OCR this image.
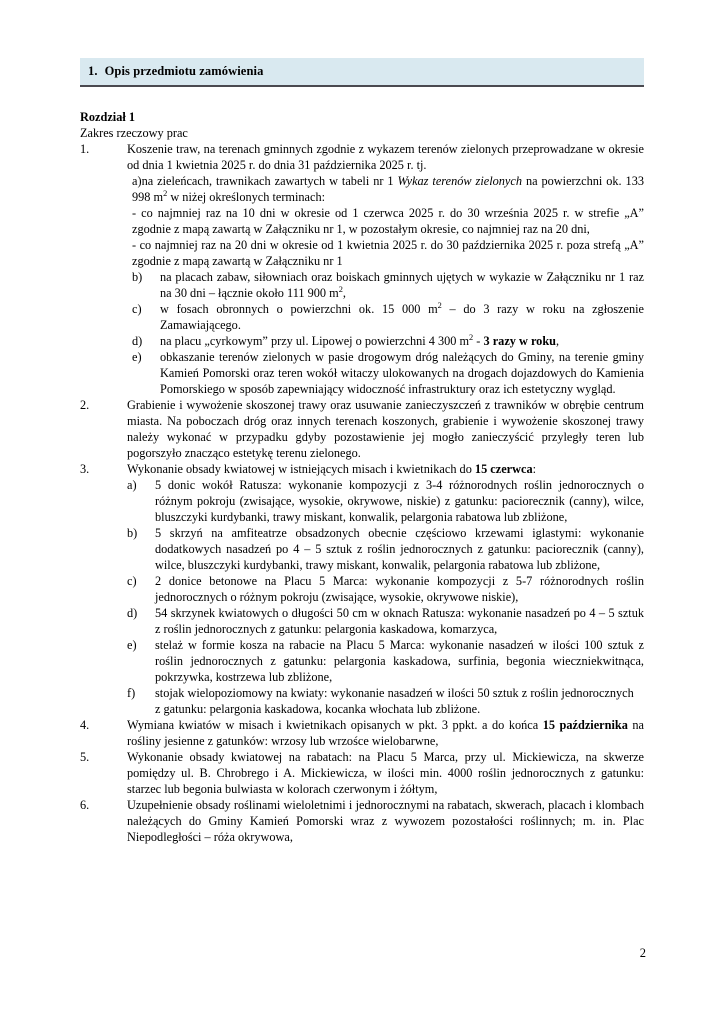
1. Opis przedmiotu zamówienia
Rozdział 1
Zakres rzeczowy prac
1.	Koszenie traw, na terenach gminnych zgodnie z wykazem terenów zielonych przeprowadzane w okresie od dnia 1 kwietnia 2025 r. do dnia 31 października 2025 r. tj.
a)na zieleńcach, trawnikach zawartych w tabeli nr 1 Wykaz terenów zielonych na powierzchni ok. 133 998 $m^2$ w niżej określonych terminach:
- co najmniej raz na 10 dni w okresie od 1 czerwca 2025 r. do 30 września 2025 r. w strefie „A” zgodnie z mapą zawartą w Załączniku nr 1, w pozostałym okresie, co najmniej raz na 20 dni,
- co najmniej raz na 20 dni w okresie od 1 kwietnia 2025 r. do 30 października 2025 r. poza strefą „A” zgodnie z mapą zawartą w Załączniku nr 1
b)	na placach zabaw, siłowniach oraz boiskach gminnych ujętych w wykazie w Załączniku nr 1 raz na 30 dni – łącznie około 111 900 $m^2$,
c)	w fosach obronnych o powierzchni ok. 15 000 $m^2$ – do 3 razy w roku na zgłoszenie Zamawiającego.
d)	na placu „cyrkowym” przy ul. Lipowej o powierzchni 4 300 $m^2 - 3$ razy w roku,
e)	obkaszanie terenów zielonych w pasie drogowym dróg należących do Gminy, na terenie gminy Kamień Pomorski oraz teren wokół witaczy ulokowanych na drogach dojazdowych do Kamienia Pomorskiego w sposób zapewniający widoczność infrastruktury oraz ich estetyczny wygląd.
2.	Grabienie i wywożenie skoszonej trawy oraz usuwanie zanieczyszczeń z trawników w obrębie centrum miasta. Na poboczach dróg oraz innych terenach koszonych, grabienie i wywożenie skoszonej trawy należy wykonać w przypadku gdyby pozostawienie jej mogło zanieczyścić przyległy teren lub pogorszyło znacząco estetykę terenu zielonego.
3.	Wykonanie obsady kwiatowej w istniejących misach i kwietnikach do 15 czerwca:
a)	5 donic wokół Ratusza: wykonanie kompozycji z 3-4 różnorodnych roślin jednorocznych o różnym pokroju (zwisające, wysokie, okrywowe, niskie) z gatunku: paciorecznik (canny), wilce, bluszczyki kurdybanki, trawy miskant, konwalik, pelargonia rabatowa lub zbliżone,
b)	5 skrzyń na amfiteatrze obsadzonych obecnie częściowo krzewami iglastymi: wykonanie dodatkowych nasadzeń po 4 – 5 sztuk z roślin jednorocznych z gatunku: paciorecznik (canny), wilce, bluszczyki kurdybanki, trawy miskant, konwalik, pelargonia rabatowa lub zbliżone,
c)	2 donice betonowe na Placu 5 Marca: wykonanie kompozycji z 5-7 różnorodnych roślin jednorocznych o różnym pokroju (zwisające, wysokie, okrywowe niskie),
d)	54 skrzynek kwiatowych o długości 50 cm w oknach Ratusza: wykonanie nasadzeń po 4 – 5 sztuk z roślin jednorocznych z gatunku: pelargonia kaskadowa, komarzyca,
e)	stelaż w formie kosza na rabacie na Placu 5 Marca: wykonanie nasadzeń w ilości 100 sztuk z roślin jednorocznych z gatunku: pelargonia kaskadowa, surfinia, begonia wieczniekwitnąca, pokrzywka, kostrzewa lub zbliżone,
f)	stojak wielopoziomowy na kwiaty: wykonanie nasadzeń w ilości 50 sztuk z roślin jednorocznych
z gatunku: pelargonia kaskadowa, kocanka włochata lub zbliżone.
4.	Wymiana kwiatów w misach i kwietnikach opisanych w pkt. 3 ppkt. a do końca 15 października na rośliny jesienne z gatunków: wrzosy lub wrzośce wielobarwne,
5.	Wykonanie obsady kwiatowej na rabatach: na Placu 5 Marca, przy ul. Mickiewicza, na skwerze pomiędzy ul. B. Chrobrego i A. Mickiewicza, w ilości min. 4000 roślin jednorocznych z gatunku: starzec lub begonia bulwiasta w kolorach czerwonym i żółtym,
6.	Uzupełnienie obsady roślinami wieloletnimi i jednorocznymi na rabatach, skwerach, placach i klombach należących do Gminy Kamień Pomorski wraz z wywozem pozostałości roślinnych; m. in. Plac Niepodległości – róża okrywowa,
2
